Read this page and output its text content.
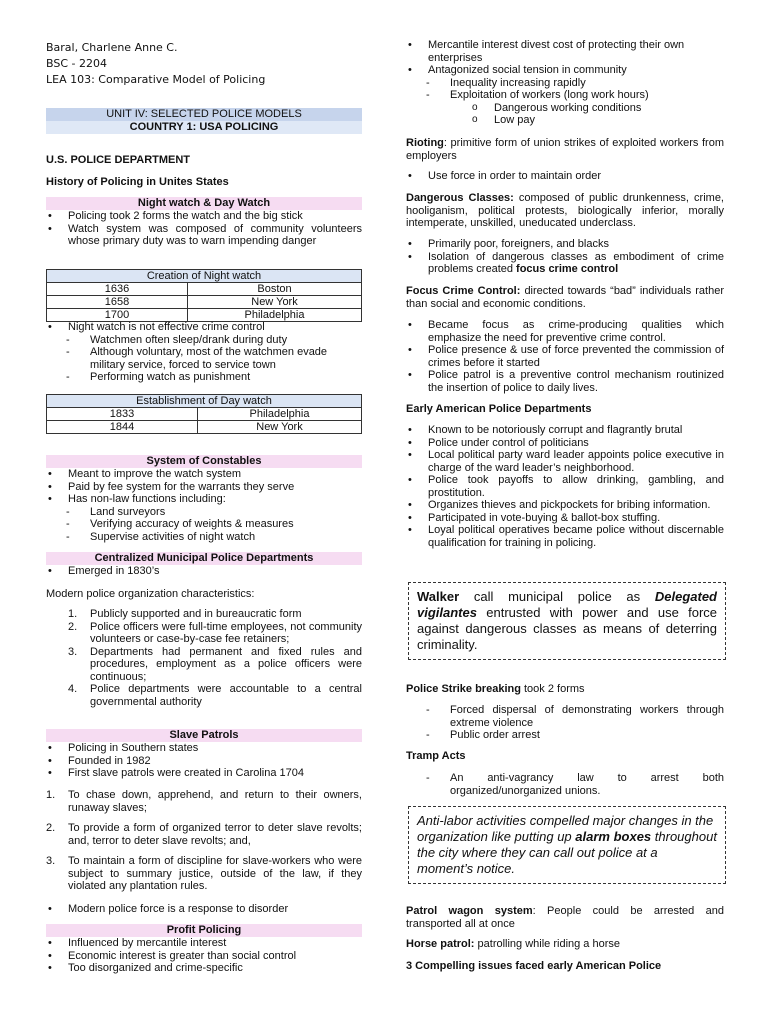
Baral, Charlene Anne C.
BSC - 2204
LEA 103: Comparative Model of Policing
UNIT IV: SELECTED POLICE MODELS
COUNTRY 1: USA POLICING
U.S. POLICE DEPARTMENT
History of Policing in Unites States
Night watch & Day Watch
• Policing took 2 forms the watch and the big stick
• Watch system was composed of community volunteers whose primary duty was to warn impending danger
Creation of Night watch	
1636	Boston
1658	New York
1700	Philadelphia
• Night watch is not effective crime control
- Watchmen often sleep/drank during duty
- Although voluntary, most of the watchmen evade military service, forced to service town
- Performing watch as punishment
Establishment of Day watch	
1833	Philadelphia
1844	New York
System of Constables
• Meant to improve the watch system
• Paid by fee system for the warrants they serve
• Has non-law functions including:
- Land surveyors
- Verifying accuracy of weights & measures
- Supervise activities of night watch
Centralized Municipal Police Departments
• Emerged in 1830’s
Modern police organization characteristics:
1. Publicly supported and in bureaucratic form
2. Police officers were full-time employees, not community volunteers or case-by-case fee retainers;
3. Departments had permanent and fixed rules and procedures, employment as a police officers were continuous;
4. Police departments were accountable to a central governmental authority
Slave Patrols
• Policing in Southern states
• Founded in 1982
• First slave patrols were created in Carolina 1704
1. To chase down, apprehend, and return to their owners, runaway slaves;
2. To provide a form of organized terror to deter slave revolts; and, terror to deter slave revolts; and,
3. To maintain a form of discipline for slave-workers who were subject to summary justice, outside of the law, if they violated any plantation rules.
• Modern police force is a response to disorder
Profit Policing
• Influenced by mercantile interest
• Economic interest is greater than social control
• Too disorganized and crime-specific
• Mercantile interest divest cost of protecting their own enterprises
• Antagonized social tension in community
- Inequality increasing rapidly
- Exploitation of workers (long work hours)
o Dangerous working conditions
o Low pay
Rioting: primitive form of union strikes of exploited workers from employers
• Use force in order to maintain order
Dangerous Classes: composed of public drunkenness, crime, hooliganism, political protests, biologically inferior, morally intemperate, unskilled, uneducated underclass.
• Primarily poor, foreigners, and blacks
• Isolation of dangerous classes as embodiment of crime problems created focus crime control
Focus Crime Control: directed towards “bad” individuals rather than social and economic conditions.
• Became focus as crime-producing qualities which emphasize the need for preventive crime control.
• Police presence & use of force prevented the commission of crimes before it started
• Police patrol is a preventive control mechanism routinized the insertion of police to daily lives.
Early American Police Departments
• Known to be notoriously corrupt and flagrantly brutal
• Police under control of politicians
• Local political party ward leader appoints police executive in charge of the ward leader’s neighborhood.
• Police took payoffs to allow drinking, gambling, and prostitution.
• Organizes thieves and pickpockets for bribing information.
• Participated in vote-buying & ballot-box stuffing.
• Loyal political operatives became police without discernable qualification for training in policing.
Walker call municipal police as Delegated vigilantes entrusted with power and use force against dangerous classes as means of deterring criminality.
Police Strike breaking took 2 forms
- Forced dispersal of demonstrating workers through extreme violence
- Public order arrest
Tramp Acts
- An anti-vagrancy law to arrest both organized/unorganized unions.
Anti-labor activities compelled major changes in the organization like putting up alarm boxes throughout the city where they can call out police at a moment’s notice.
Patrol wagon system: People could be arrested and transported all at once
Horse patrol: patrolling while riding a horse
3 Compelling issues faced early American Police
